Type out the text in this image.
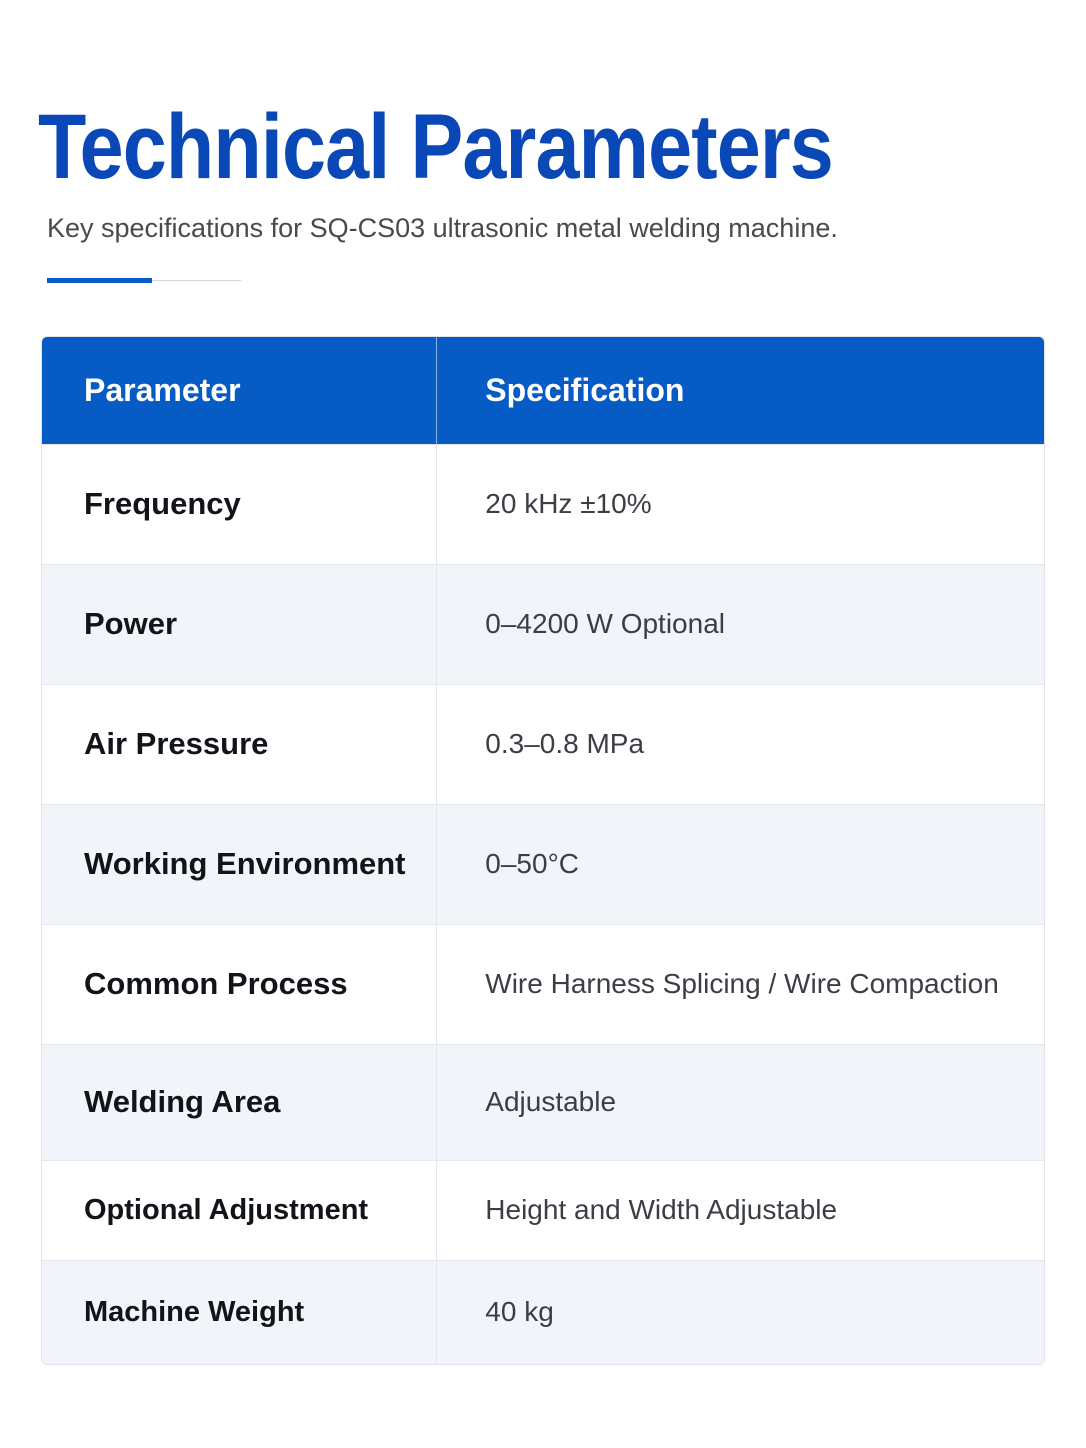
Technical Parameters
Key specifications for SQ-CS03 ultrasonic metal welding machine.
Parameter	Specification
Frequency	20 kHz ±10%
Power	0–4200 W Optional
Air Pressure	0.3–0.8 MPa
Working Environment	0–50°C
Common Process	Wire Harness Splicing / Wire Compaction
Welding Area	Adjustable
Optional Adjustment	Height and Width Adjustable
Machine Weight	40 kg
